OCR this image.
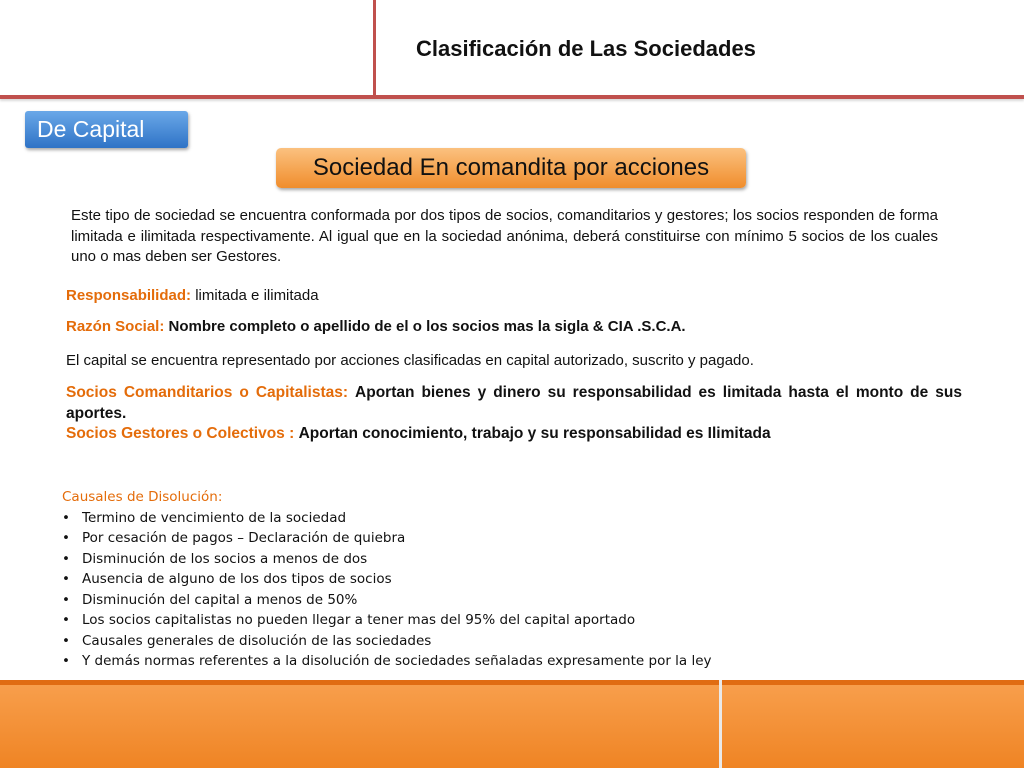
Clasificación de Las Sociedades
De Capital
Sociedad En comandita por acciones
Este tipo de sociedad se encuentra conformada por dos tipos de socios, comanditarios y gestores; los socios responden de forma limitada e ilimitada respectivamente. Al igual que en la sociedad anónima, deberá constituirse con mínimo 5 socios de los cuales uno o mas deben ser Gestores.
Responsabilidad: limitada e ilimitada
Razón Social: Nombre completo o apellido de el o los socios mas la sigla & CIA .S.C.A.
El capital se encuentra representado por acciones clasificadas en capital autorizado, suscrito y pagado.
Socios Comanditarios o Capitalistas: Aportan bienes y dinero su responsabilidad es limitada hasta el monto de sus aportes.
Socios Gestores o Colectivos : Aportan conocimiento, trabajo y su responsabilidad es Ilimitada
Causales de Disolución:
• Termino de vencimiento de la sociedad
• Por cesación de pagos – Declaración de quiebra
• Disminución de los socios a menos de dos
• Ausencia de alguno de los dos tipos de socios
• Disminución del capital a menos de 50%
• Los socios capitalistas no pueden llegar a tener mas del 95% del capital aportado
• Causales generales de disolución de las sociedades
• Y demás normas referentes a la disolución de sociedades señaladas expresamente por la ley
